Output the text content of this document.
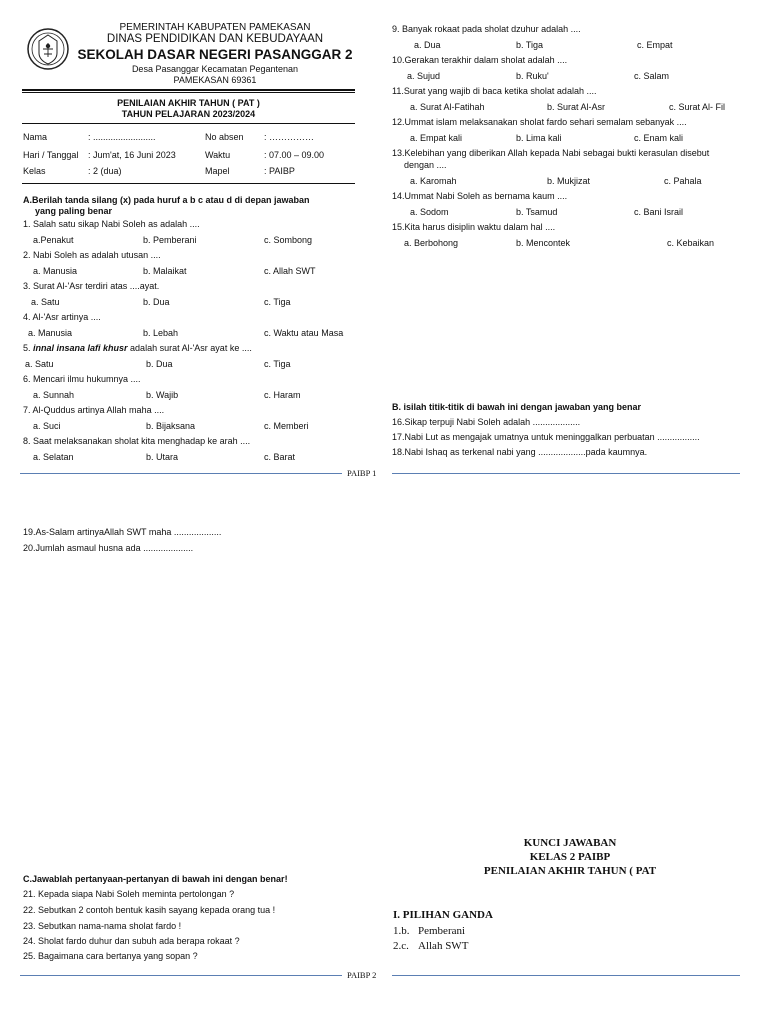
PEMERINTAH KABUPATEN PAMEKASAN
DINAS PENDIDIKAN DAN KEBUDAYAAN
SEKOLAH DASAR NEGERI PASANGGAR 2
Desa Pasanggar Kecamatan Pegantenan
PAMEKASAN 69361
PENILAIAN AKHIR TAHUN ( PAT )
TAHUN PELAJARAN 2023/2024
Nama	: .........................	No absen : ……………
Hari / Tanggal : Jum'at, 16 Juni 2023	Waktu	: 07.00 – 09.00
Kelas	: 2 (dua)	Mapel	: PAIBP
A.Berilah tanda silang (x) pada huruf a b c atau d di depan jawaban
yang paling benar
1. Salah satu sikap Nabi Soleh as adalah ....
a.Penakut	b. Pemberani	c. Sombong
2. Nabi Soleh as adalah utusan ....
a. Manusia	b. Malaikat	c. Allah SWT
3. Surat Al-'Asr terdiri atas ....ayat.
a. Satu	b. Dua	c. Tiga
4. Al-'Asr artinya ....
a. Manusia	b. Lebah	c. Waktu atau Masa
5. innal insana lafi khusr adalah surat Al-'Asr ayat ke ....
a. Satu	b. Dua	c. Tiga
6. Mencari ilmu hukumnya ....
a. Sunnah	b. Wajib	c. Haram
7. Al-Quddus artinya Allah maha ....
a. Suci	b. Bijaksana	c. Memberi
8. Saat melaksanakan sholat kita menghadap ke arah ....
a. Selatan	b. Utara	c. Barat
PAIBP 1
9. Banyak rokaat pada sholat dzuhur adalah ....
a. Dua	b. Tiga	c. Empat
10.Gerakan terakhir dalam sholat adalah ....
a. Sujud	b. Ruku'	c. Salam
11.Surat yang wajib di baca ketika sholat adalah ....
a. Surat Al-Fatihah	b. Surat Al-Asr	c. Surat Al- Fil
12.Ummat islam melaksanakan sholat fardo sehari semalam sebanyak ....
a. Empat kali	b. Lima kali	c. Enam kali
13.Kelebihan yang diberikan Allah kepada Nabi sebagai bukti kerasulan disebut
dengan ....
a. Karomah	b. Mukjizat	c. Pahala
14.Ummat Nabi Soleh as bernama kaum ....
a. Sodom	b. Tsamud	c. Bani Israil
15.Kita harus disiplin waktu dalam hal ....
a. Berbohong	b. Mencontek	c. Kebaikan
B. isilah titik-titik di bawah ini dengan jawaban yang benar
16.Sikap terpuji Nabi Soleh adalah ...................
17.Nabi Lut as mengajak umatnya untuk meninggalkan perbuatan .................
18.Nabi Ishaq as terkenal nabi yang ...................pada kaumnya.
19.As-Salam artinyaAllah SWT maha ...................
20.Jumlah asmaul husna ada ....................
C.Jawablah pertanyaan-pertanyan di bawah ini dengan benar!
21. Kepada siapa Nabi Soleh meminta pertolongan ?
22. Sebutkan 2 contoh bentuk kasih sayang kepada orang tua !
23. Sebutkan nama-nama sholat fardo !
24. Sholat fardo duhur dan subuh ada berapa rokaat ?
25. Bagaimana cara bertanya yang sopan ?
PAIBP 2
KUNCI JAWABAN
KELAS 2 PAIBP
PENILAIAN AKHIR TAHUN ( PAT
I. PILIHAN GANDA
1.b. Pemberani
2.c. Allah SWT
